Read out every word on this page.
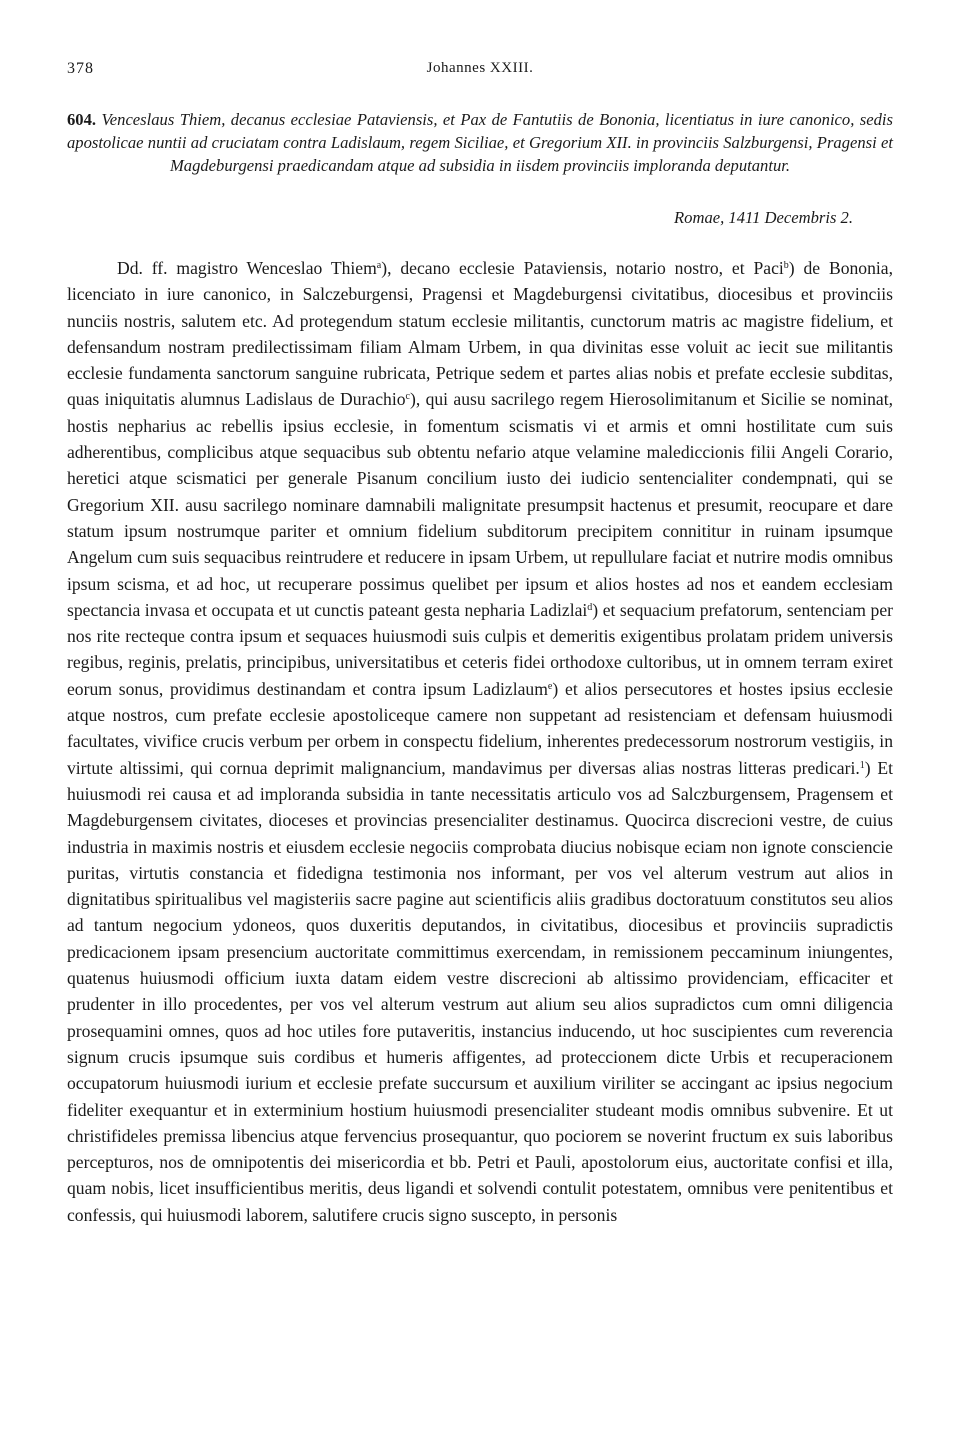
378	Johannes XXIII.
604. Venceslaus Thiem, decanus ecclesiae Pataviensis, et Pax de Fantutiis de Bononia, licentiatus in iure canonico, sedis apostolicae nuntii ad cruciatam contra Ladislaum, regem Siciliae, et Gregorium XII. in provinciis Salzburgensi, Pragensi et Magdeburgensi praedicandam atque ad subsidia in iisdem provinciis imploranda deputantur.
Romae, 1411 Decembris 2.

Dd. ff. magistro Wenceslao Thiem$^a$), decano ecclesie Pataviensis, notario nostro, et Paci$^b$) de Bononia, licenciato in iure canonico, in Salczeburgensi, Pragensi et Magdeburgensi civitatibus, diocesibus et provinciis nunciis nostris, salutem etc. Ad protegendum statum ecclesie militantis, cunctorum matris ac magistre fidelium, et defensandum nostram predilectissimam filiam Almam Urbem, in qua divinitas esse voluit ac iecit sue militantis ecclesie fundamenta sanctorum sanguine rubricata, Petrique sedem et partes alias nobis et prefate ecclesie subditas, quas iniquitatis alumnus Ladislaus de Durachio$^c$), qui ausu sacrilego regem Hierosolimitanum et Sicilie se nominat, hostis nepharius ac rebellis ipsius ecclesie, in fomentum scismatis vi et armis et omni hostilitate cum suis adherentibus, complicibus atque sequacibus sub obtentu nefario atque velamine malediccionis filii Angeli Corario, heretici atque scismatici per generale Pisanum concilium iusto dei iudicio sentencialiter condempnati, qui se Gregorium XII. ausu sacrilego nominare damnabili malignitate presumpsit hactenus et presumit, reocupare et dare statum ipsum nostrumque pariter et omnium fidelium subditorum precipitem connititur in ruinam ipsumque Angelum cum suis sequacibus reintrudere et reducere in ipsam Urbem, ut repullulare faciat et nutrire modis omnibus ipsum scisma, et ad hoc, ut recuperare possimus quelibet per ipsum et alios hostes ad nos et eandem ecclesiam spectancia invasa et occupata et ut cunctis pateant gesta nepharia Ladizlai$^d$) et sequacium prefatorum, sentenciam per nos rite recteque contra ipsum et sequaces huiusmodi suis culpis et demeritis exigentibus prolatam pridem universis regibus, reginis, prelatis, principibus, universitatibus et ceteris fidei orthodoxe cultoribus, ut in omnem terram exiret eorum sonus, providimus destinandam et contra ipsum Ladizlaum$^e$) et alios persecutores et hostes ipsius ecclesie atque nostros, cum prefate ecclesie apostoliceque camere non suppetant ad resistenciam et defensam huiusmodi facultates, vivifice crucis verbum per orbem in conspectu fidelium, inherentes predecessorum nostrorum vestigiis, in virtute altissimi, qui cornua deprimit malignancium, mandavimus per diversas alias nostras litteras predicari.$^1$) Et huiusmodi rei causa et ad imploranda subsidia in tante necessitatis articulo vos ad Salczburgensem, Pragensem et Magdeburgensem civitates, dioceses et provincias presencialiter destinamus. Quocirca discrecioni vestre, de cuius industria in maximis nostris et eiusdem ecclesie negociis comprobata diucius nobisque eciam non ignote consciencie puritas, virtutis constancia et fidedigna testimonia nos informant, per vos vel alterum vestrum aut alios in dignitatibus spiritualibus vel magisteriis sacre pagine aut scientificis aliis gradibus doctoratuum constitutos seu alios ad tantum negocium ydoneos, quos duxeritis deputandos, in civitatibus, diocesibus et provinciis supradictis predicacionem ipsam presencium auctoritate committimus exercendam, in remissionem peccaminum iniungentes, quatenus huiusmodi officium iuxta datam eidem vestre discrecioni ab altissimo providenciam, efficaciter et prudenter in illo procedentes, per vos vel alterum vestrum aut alium seu alios supradictos cum omni diligencia prosequamini omnes, quos ad hoc utiles fore putaveritis, instancius inducendo, ut hoc suscipientes cum reverencia signum crucis ipsumque suis cordibus et humeris affigentes, ad proteccionem dicte Urbis et recuperacionem occupatorum huiusmodi iurium et ecclesie prefate succursum et auxilium viriliter se accingant ac ipsius negocium fideliter exequantur et in exterminium hostium huiusmodi presencialiter studeant modis omnibus subvenire. Et ut christifideles premissa libencius atque fervencius prosequantur, quo pociorem se noverint fructum ex suis laboribus percepturos, nos de omnipotentis dei misericordia et bb. Petri et Pauli, apostolorum eius, auctoritate confisi et illa, quam nobis, licet insufficientibus meritis, deus ligandi et solvendi contulit potestatem, omnibus vere penitentibus et confessis, qui huiusmodi laborem, salutifere crucis signo suscepto, in personis
